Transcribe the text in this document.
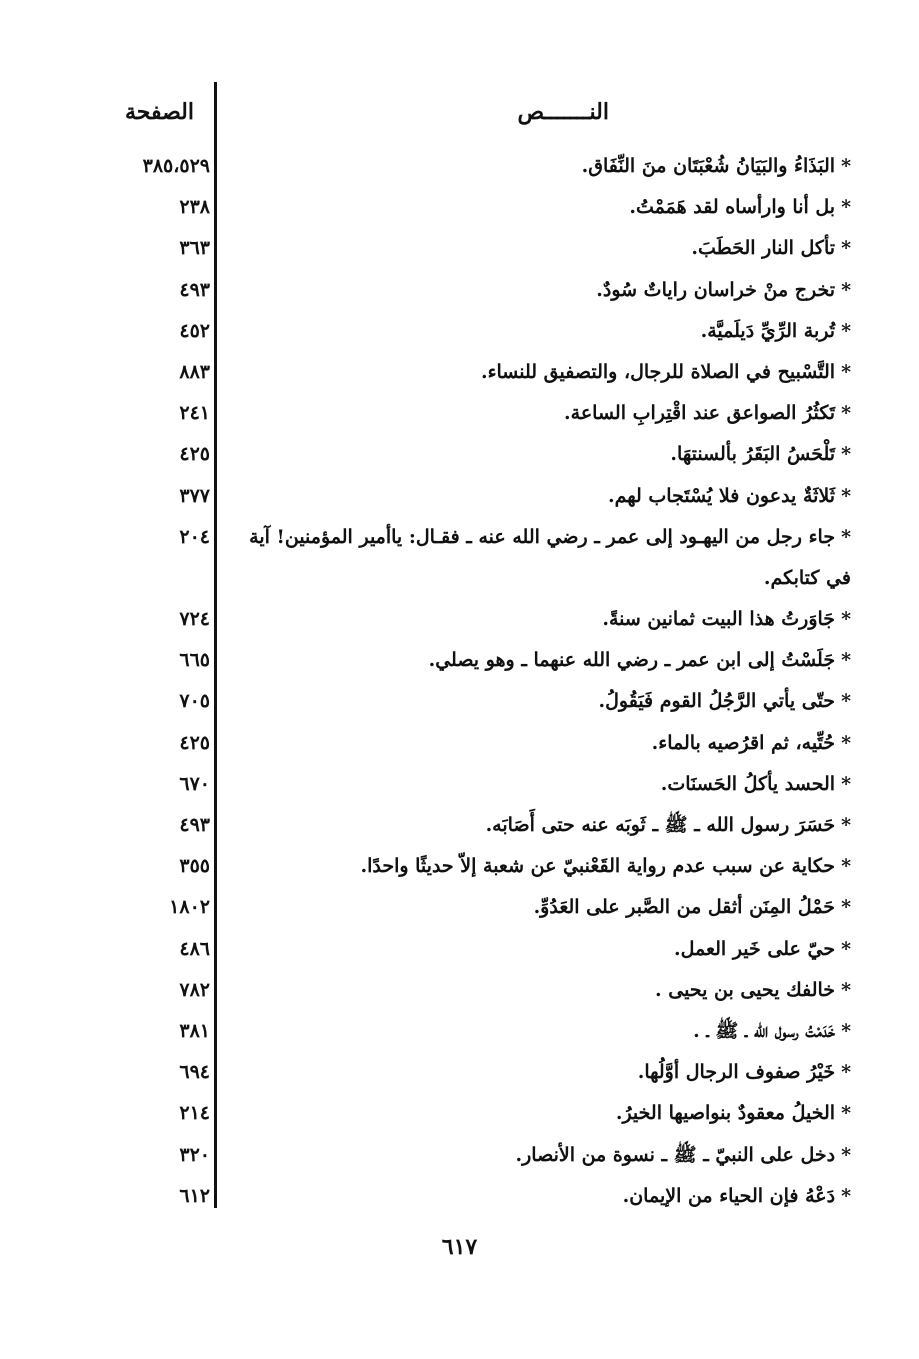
النـــــــص
الصفحة
*البَذَاءُ والبَيَانُ شُعْبَتَان منَ النِّفَاق.
٣٨٥،٥٢٩
*بل أنا وارأساه لقد هَمَمْتُ.
٢٣٨
*تأكل النار الحَطَبَ.
٣٦٣
*تخرج منْ خراسان راياتٌ سُودٌ.
٤٩٣
*تُربة الرِّيِّ دَيلَميَّة.
٤٥٢
*التَّسْبيح في الصلاة للرجال، والتصفيق للنساء.
٨٨٣
*تَكثُرُ الصواعق عند اقْتِرابِ الساعة.
٢٤١
*تَلْحَسُ البَقَرُ بألسنتهَا.
٤٢٥
*ثَلاثَةٌ يدعون فلا يُسْتَجاب لهم.
٣٧٧
*جاء رجل من اليهـود إلى عمر ـ رضي الله عنه ـ فقـال: ياأمير المؤمنين! آية في كتابكم.
٢٠٤
*جَاوَرتُ هذا البيت ثمانين سنةً.
٧٢٤
*جَلَسْتُ إلى ابن عمر ـ رضي الله عنهما ـ وهو يصلي.
٦٦٥
*حتّى يأتي الرَّجُلُ القوم فَيَقُولُ.
٧٠٥
*حُتِّيه، ثم اقرُصيه بالماء.
٤٢٥
*الحسد يأكلُ الحَسنَات.
٦٧٠
*حَسَرَ رسول الله ـ ﷺ ـ ثَوبَه عنه حتى أَصَابَه.
٤٩٣
*حكاية عن سبب عدم رواية القَعْنبيّ عن شعبة إلاّ حديثًا واحدًا.
٣٥٥
*حَمْلُ المِنَن أثقل من الصَّبر على العَدُوِّ.
١٨٠٢
*حيّ على خَير العمل.
٤٨٦
*خالفك يحيى بن يحيى .
٧٨٢
*خَدَمْتُ رسول الله ـ ﷺ ـ .
٣٨١
*خَيْرُ صفوف الرجال أوَّلُها.
٦٩٤
*الخيلُ معقودٌ بنواصيها الخيرُ.
٢١٤
*دخل على النبيّ ـ ﷺ ـ نسوة من الأنصار.
٣٢٠
*دَعْهُ فإن الحياء من الإيمان.
٦١٢
٦١٧
